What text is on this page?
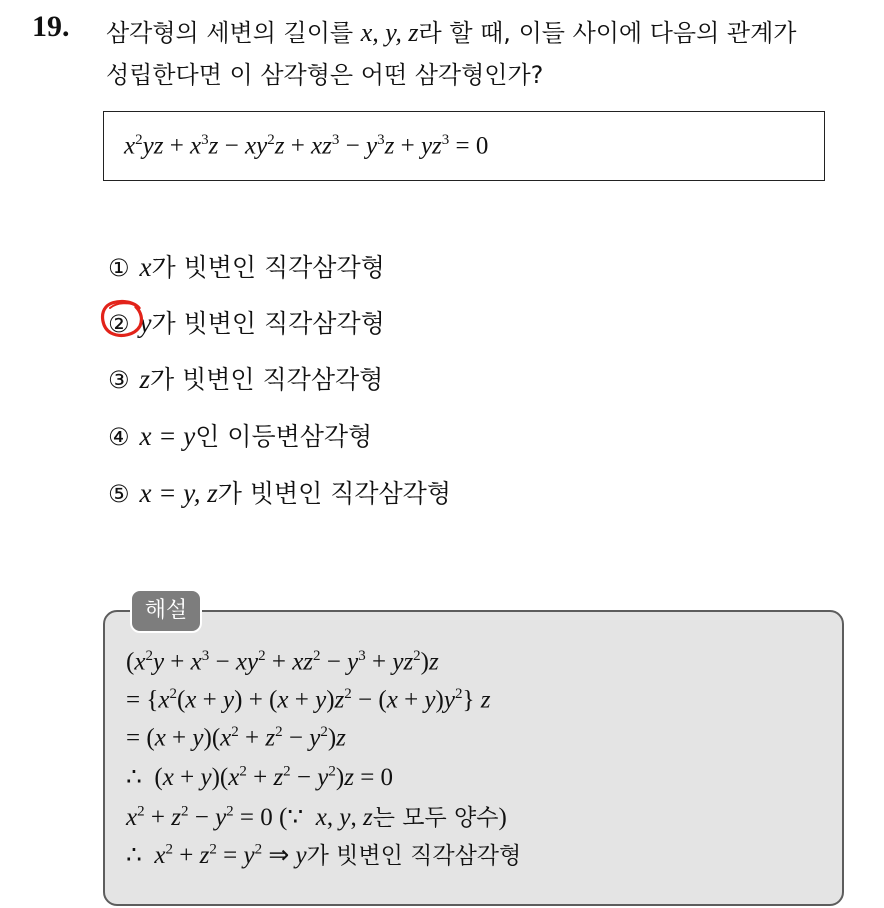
19. 삼각형의 세변의 길이를 x, y, z라 할 때, 이들 사이에 다음의 관계가
성립한다면 이 삼각형은 어떤 삼각형인가?
$x^2yz + x^3z - xy^2z + xz^3 - y^3z + yz^3 = 0$
① x가 빗변인 직각삼각형
② y가 빗변인 직각삼각형
③ z가 빗변인 직각삼각형
④ x = y인 이등변삼각형
⑤ x = y, z가 빗변인 직각삼각형
해설
$(x^2y + x^3 - xy^2 + xz^2 - y^3 + yz^2)z$
= $\{x^2(x + y) + (x + y)z^2 - (x + y)y^2\}$ z
= $(x + y)(x^2 + z^2 - y^2)z$
∴  $(x + y)(x^2 + z^2 - y^2)z = 0$
$x^2 + z^2 - y^2 = 0$ (∵  x, y, z는 모두 양수)
∴  $x^2 + z^2 = y^2$ ⇒ y가 빗변인 직각삼각형
